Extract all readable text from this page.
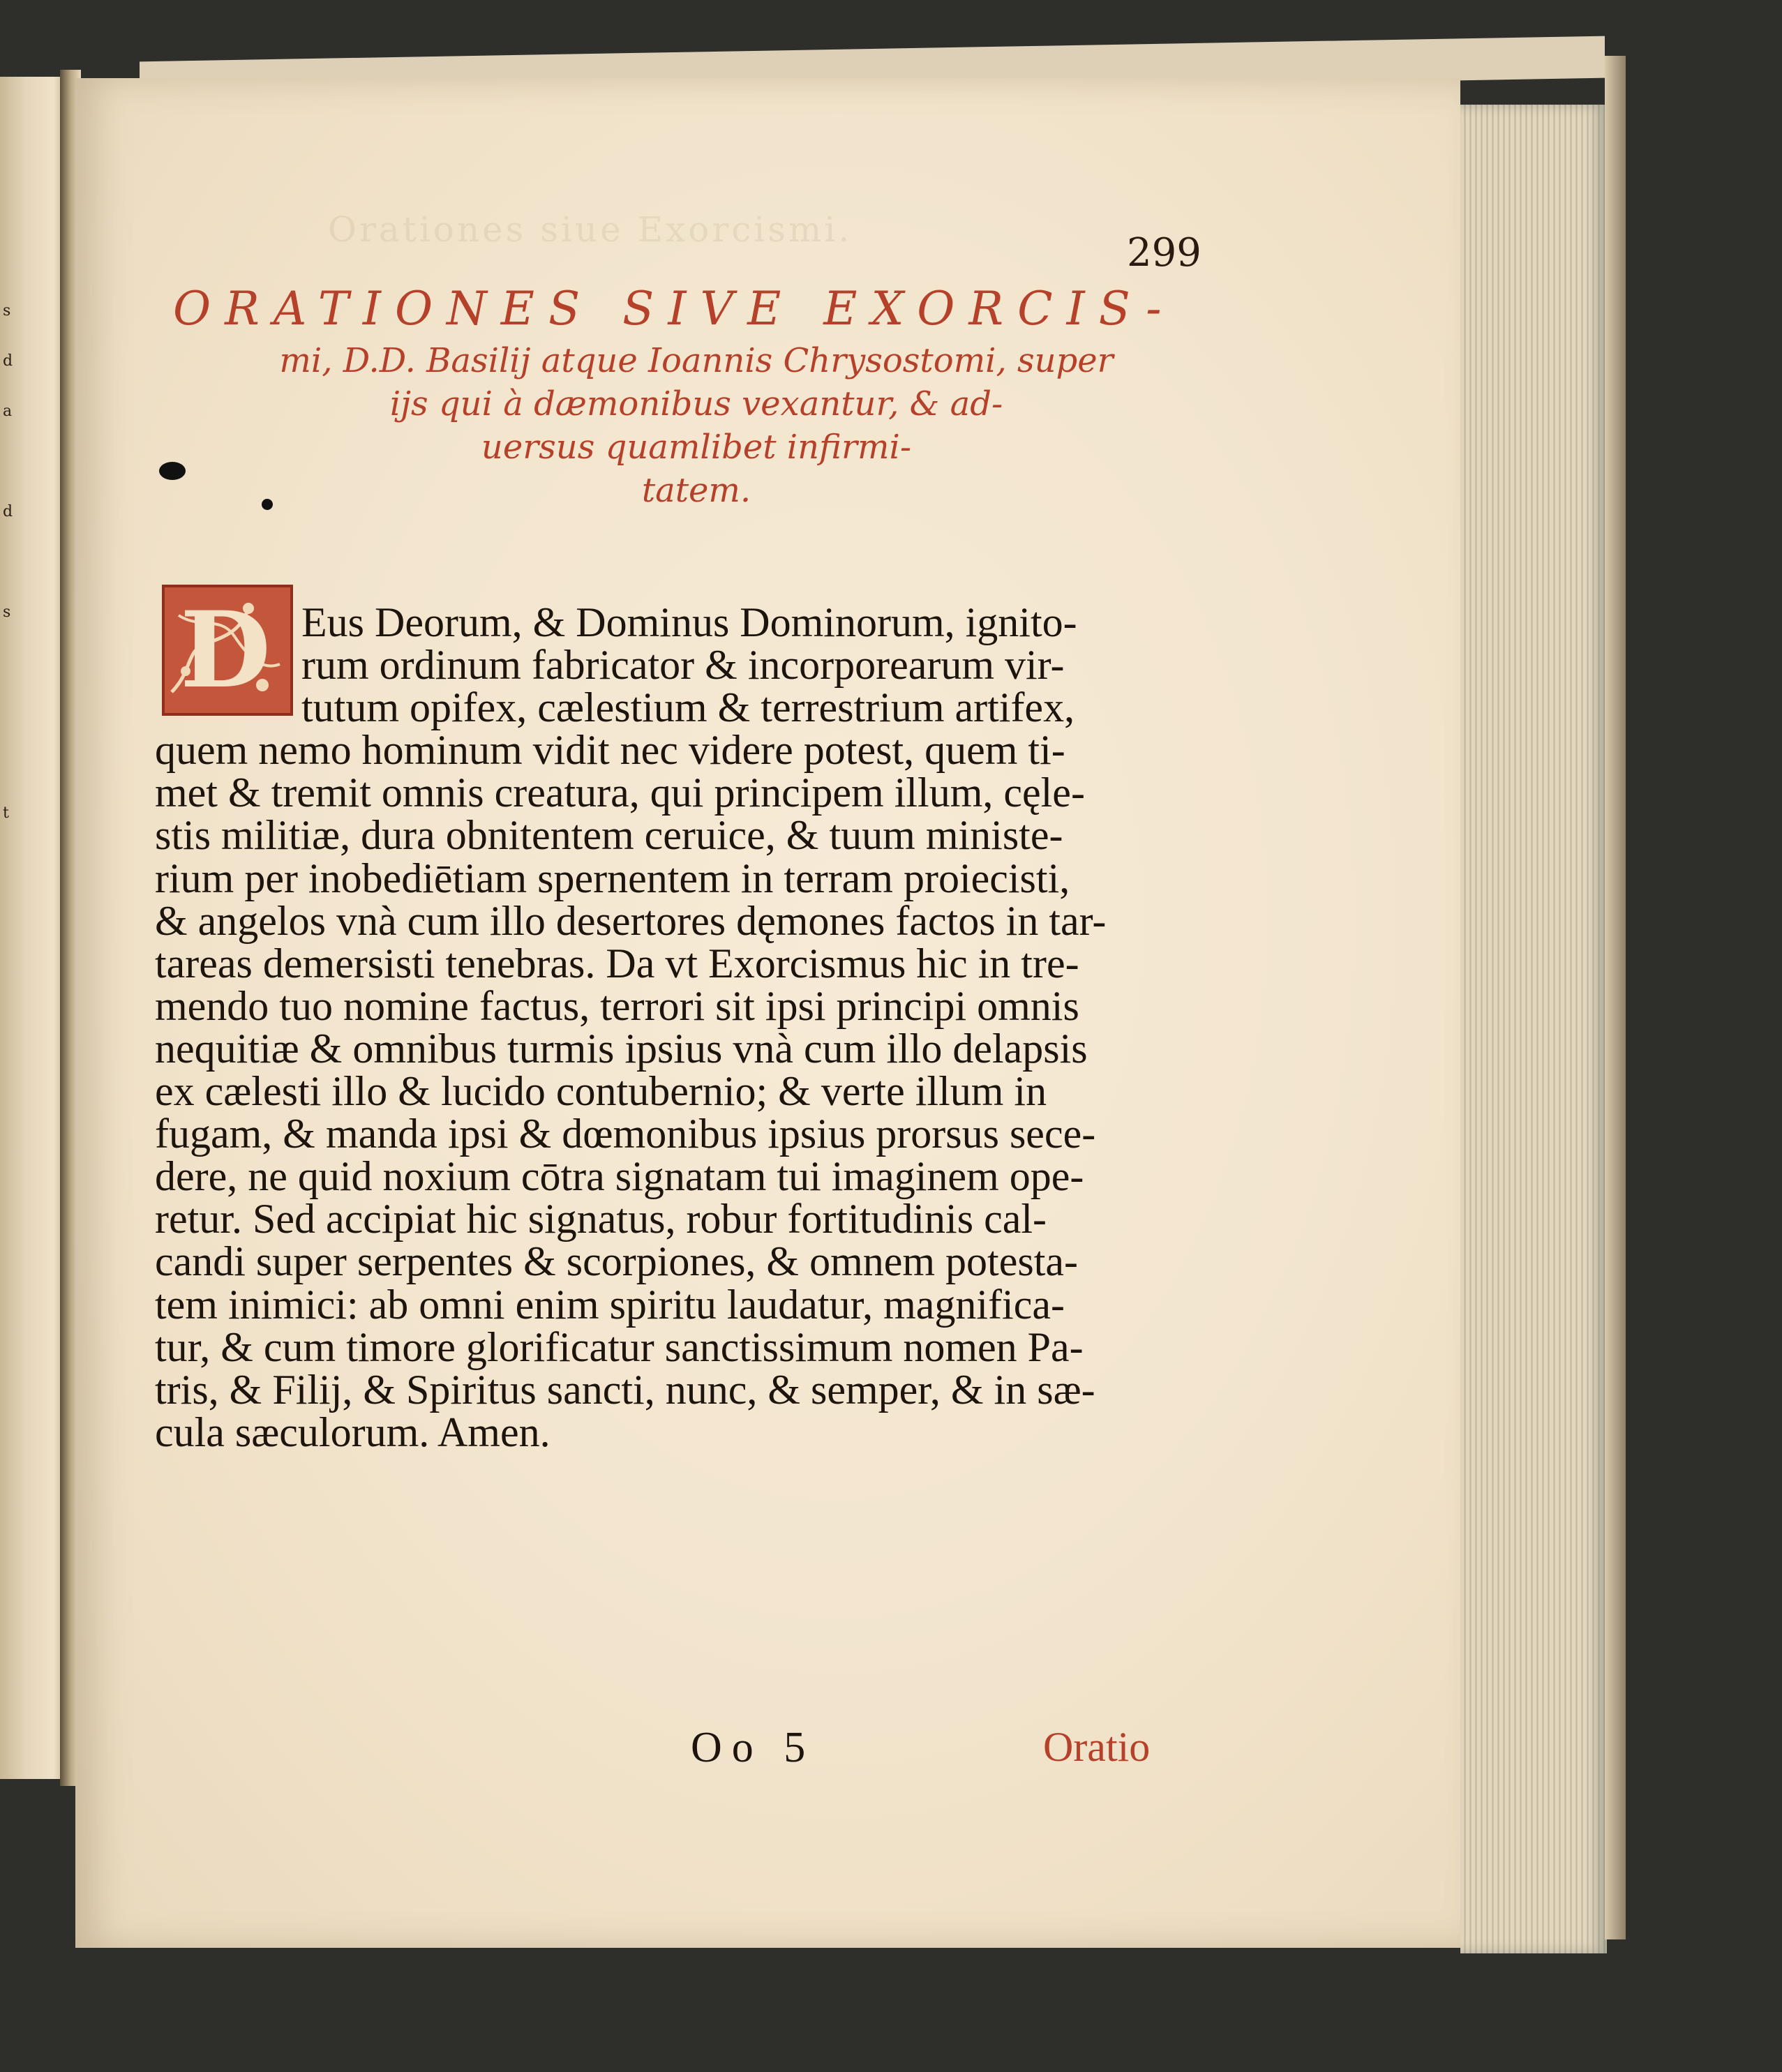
s
d
a

d

s

t
Orationes siue Exorcismi.
299
ORATIONES SIVE EXORCIS-
mi, D.D. Basilij atque Ioannis Chrysostomi, super
ijs qui à dæmonibus vexantur, & ad-
uersus quamlibet infirmi-
tatem.
D Eus Deorum, & Dominus Dominorum, ignito-
rum ordinum fabricator & incorporearum vir-
tutum opifex, cælestium & terrestrium artifex,
quem nemo hominum vidit nec videre potest, quem ti-
met & tremit omnis creatura, qui principem illum, cęle-
stis militiæ, dura obnitentem ceruice, & tuum ministe-
rium per inobediētiam spernentem in terram proiecisti,
& angelos vnà cum illo desertores dęmones factos in tar-
tareas demersisti tenebras. Da vt Exorcismus hic in tre-
mendo tuo nomine factus, terrori sit ipsi principi omnis
nequitiæ & omnibus turmis ipsius vnà cum illo delapsis
ex cælesti illo & lucido contubernio; & verte illum in
fugam, & manda ipsi & dœmonibus ipsius prorsus sece-
dere, ne quid noxium cōtra signatam tui imaginem ope-
retur. Sed accipiat hic signatus, robur fortitudinis cal-
candi super serpentes & scorpiones, & omnem potesta-
tem inimici: ab omni enim spiritu laudatur, magnifica-
tur, & cum timore glorificatur sanctissimum nomen Pa-
tris, & Filij, & Spiritus sancti, nunc, & semper, & in sæ-
cula sæculorum. Amen.
Oo 5	Oratio
